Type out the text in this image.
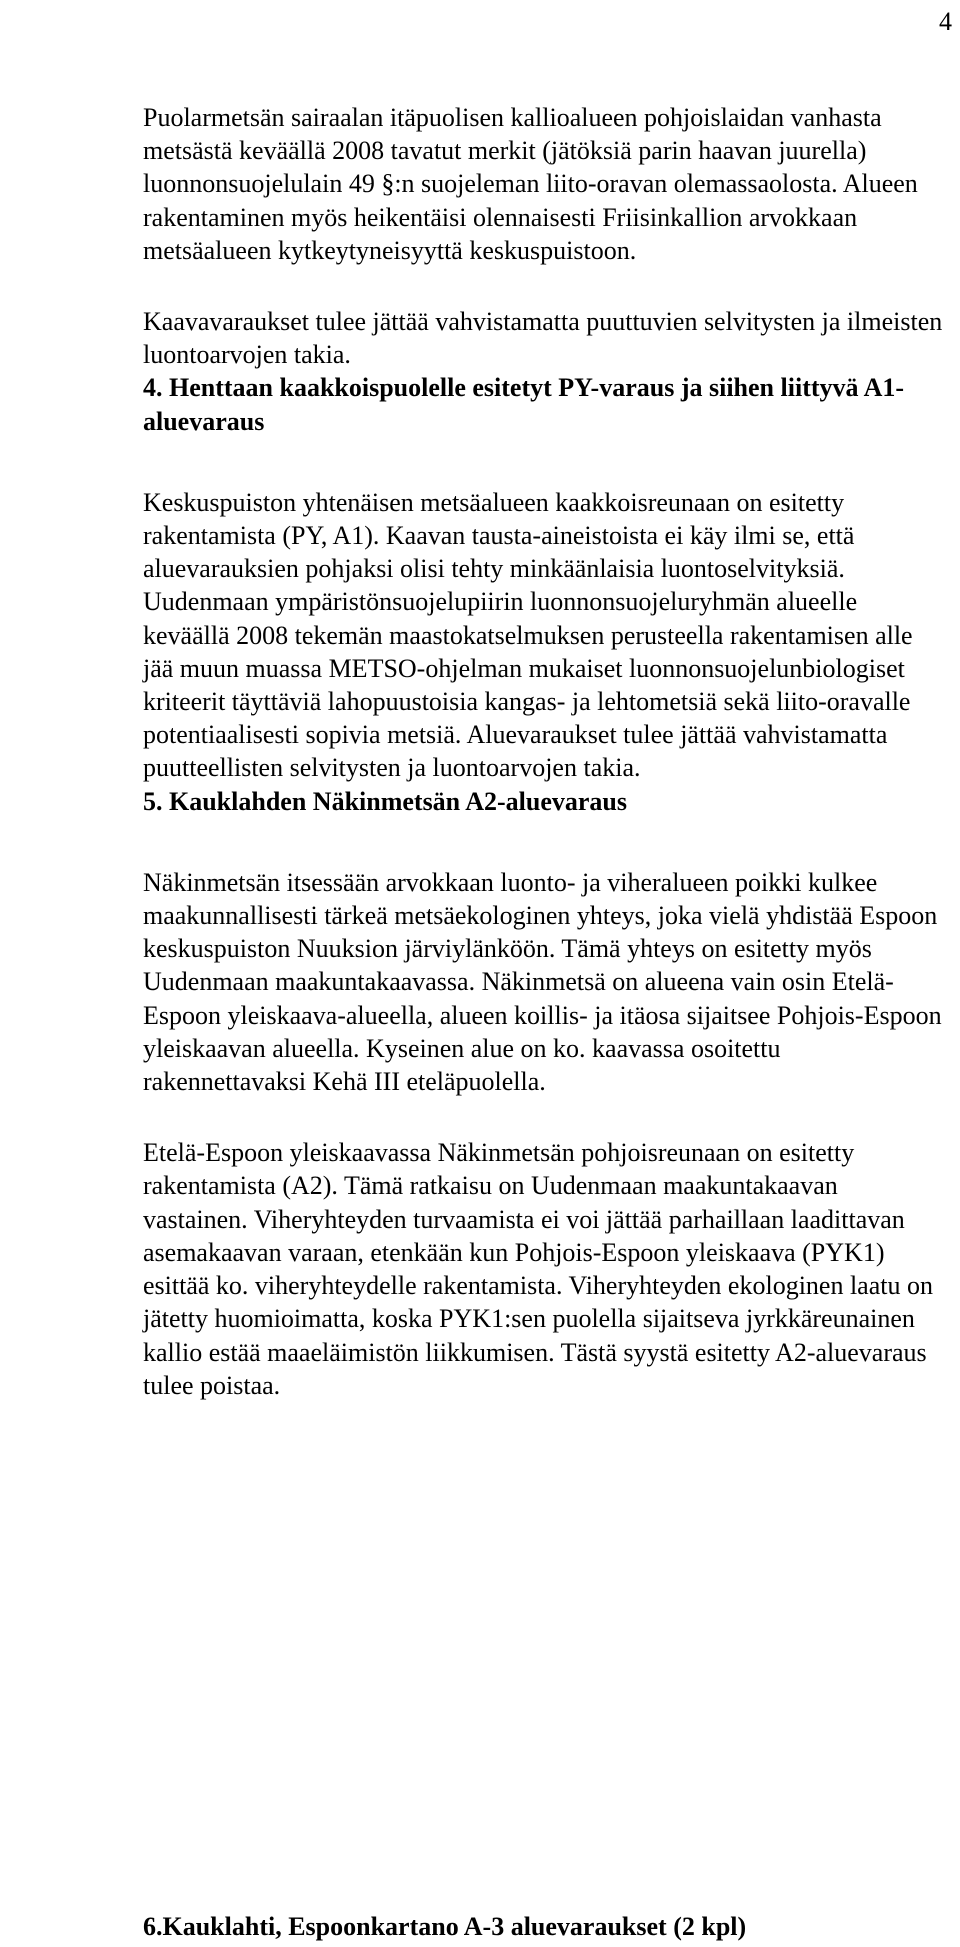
4

Puolarmetsän sairaalan itäpuolisen kallioalueen pohjoislaidan vanhasta metsästä keväällä 2008 tavatut merkit (jätöksiä parin haavan juurella) luonnonsuojelulain 49 §:n suojeleman liito-oravan olemassaolosta. Alueen rakentaminen myös heikentäisi olennaisesti Friisinkallion arvokkaan metsäalueen kytkeytyneisyyttä keskuspuistoon.

Kaavavaraukset tulee jättää vahvistamatta puuttuvien selvitysten ja ilmeisten luontoarvojen takia.

4. Henttaan kaakkoispuolelle esitetyt PY-varaus ja siihen liittyvä A1-aluevaraus

Keskuspuiston yhtenäisen metsäalueen kaakkoisreunaan on esitetty rakentamista (PY, A1). Kaavan tausta-aineistoista ei käy ilmi se, että aluevarauksien pohjaksi olisi tehty minkäänlaisia luontoselvityksiä. Uudenmaan ympäristönsuojelupiirin luonnonsuojeluryhmän alueelle keväällä 2008 tekemän maastokatselmuksen perusteella rakentamisen alle jää muun muassa METSO-ohjelman mukaiset luonnonsuojelunbiologiset kriteerit täyttäviä lahopuustoisia kangas- ja lehtometsiä sekä liito-oravalle potentiaalisesti sopivia metsiä. Aluevaraukset tulee jättää vahvistamatta puutteellisten selvitysten ja luontoarvojen takia.

5. Kauklahden Näkinmetsän A2-aluevaraus

Näkinmetsän itsessään arvokkaan luonto- ja viheralueen poikki kulkee maakunnallisesti tärkeä metsäekologinen yhteys, joka vielä yhdistää Espoon keskuspuiston Nuuksion järviylänköön. Tämä yhteys on esitetty myös Uudenmaan maakuntakaavassa. Näkinmetsä on alueena vain osin Etelä-Espoon yleiskaava-alueella, alueen koillis- ja itäosa sijaitsee Pohjois-Espoon yleiskaavan alueella. Kyseinen alue on ko. kaavassa osoitettu rakennettavaksi Kehä III eteläpuolella.

Etelä-Espoon yleiskaavassa Näkinmetsän pohjoisreunaan on esitetty rakentamista (A2). Tämä ratkaisu on Uudenmaan maakuntakaavan vastainen. Viheryhteyden turvaamista ei voi jättää parhaillaan laadittavan asemakaavan varaan, etenkään kun Pohjois-Espoon yleiskaava (PYK1) esittää ko. viheryhteydelle rakentamista. Viheryhteyden ekologinen laatu on jätetty huomioimatta, koska PYK1:sen puolella sijaitseva jyrkkäreunainen kallio estää maaeläimistön liikkumisen. Tästä syystä esitetty A2-aluevaraus tulee poistaa.

6.Kauklahti, Espoonkartano A-3 aluevaraukset (2 kpl)
